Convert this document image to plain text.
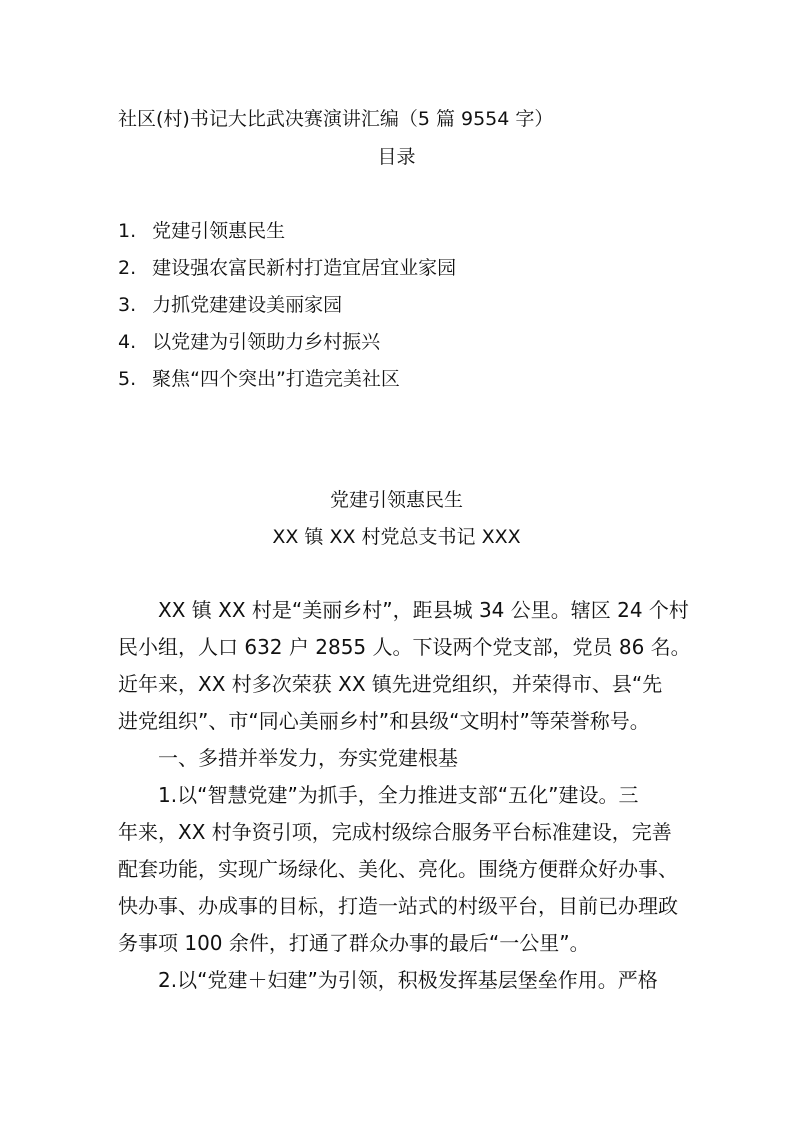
社区(村)书记大比武决赛演讲汇编（5 篇 9554 字）
目录
1. 党建引领惠民生
2. 建设强农富民新村打造宜居宜业家园
3. 力抓党建建设美丽家园
4. 以党建为引领助力乡村振兴
5. 聚焦“四个突出”打造完美社区
党建引领惠民生
XX 镇 XX 村党总支书记 XXX
XX 镇 XX 村是“美丽乡村”，距县城 34 公里。辖区 24 个村
民小组，人口 632 户 2855 人。下设两个党支部，党员 86 名。
近年来，XX 村多次荣获 XX 镇先进党组织，并荣得市、县“先
进党组织”、市“同心美丽乡村”和县级“文明村”等荣誉称号。
一、多措并举发力，夯实党建根基
1.以“智慧党建”为抓手，全力推进支部“五化”建设。三
年来，XX 村争资引项，完成村级综合服务平台标准建设，完善
配套功能，实现广场绿化、美化、亮化。围绕方便群众好办事、
快办事、办成事的目标，打造一站式的村级平台，目前已办理政
务事项 100 余件，打通了群众办事的最后“一公里”。
2.以“党建＋妇建”为引领，积极发挥基层堡垒作用。严格
